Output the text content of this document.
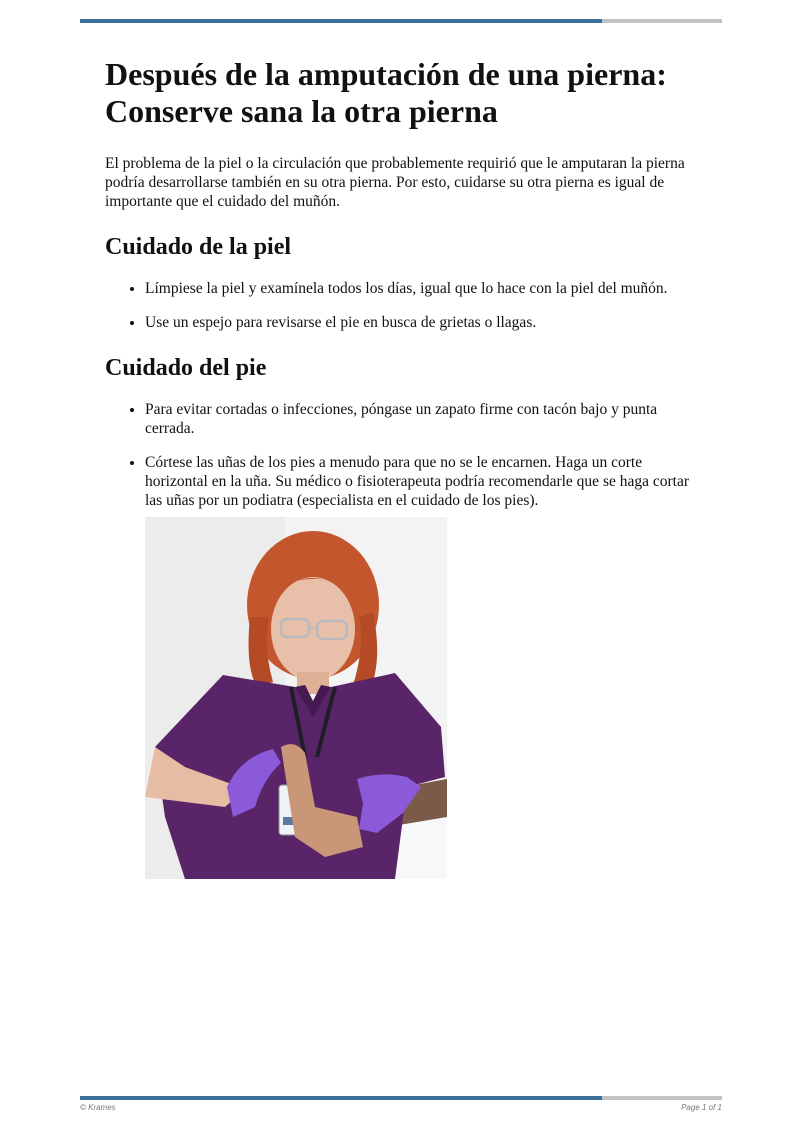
Después de la amputación de una pierna: Conserve sana la otra pierna

El problema de la piel o la circulación que probablemente requirió que le amputaran la pierna podría desarrollarse también en su otra pierna. Por esto, cuidarse su otra pierna es igual de importante que el cuidado del muñón.

Cuidado de la piel
• Límpiese la piel y examínela todos los días, igual que lo hace con la piel del muñón.
• Use un espejo para revisarse el pie en busca de grietas o llagas.
Cuidado del pie
• Para evitar cortadas o infecciones, póngase un zapato firme con tacón bajo y punta cerrada.
• Córtese las uñas de los pies a menudo para que no se le encarnen. Haga un corte horizontal en la uña. Su médico o fisioterapeuta podría recomendarle que se haga cortar las uñas por un podiatra (especialista en el cuidado de los pies).
© Krames	Page 1 of 1
